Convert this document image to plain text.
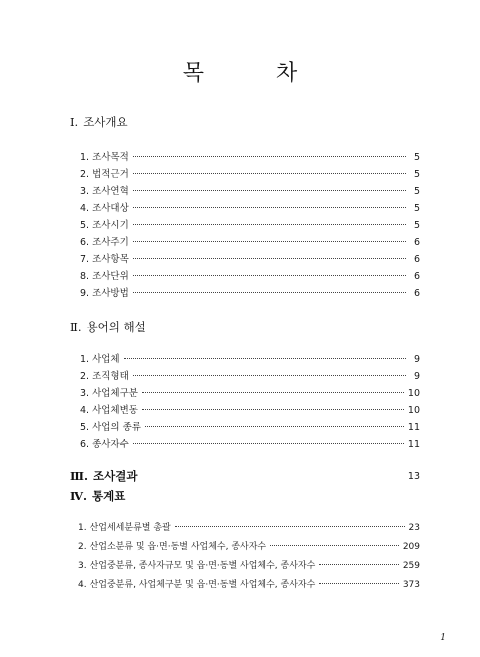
목	차
Ⅰ. 조사개요
1. 조사목적	5
2. 법적근거	5
3. 조사연혁	5
4. 조사대상	5
5. 조사시기	5
6. 조사주기	6
7. 조사항목	6
8. 조사단위	6
9. 조사방법	6
Ⅱ. 용어의 해설
1. 사업체	9
2. 조직형태	9
3. 사업체구분	10
4. 사업체변동	10
5. 사업의 종류	11
6. 종사자수	11
Ⅲ. 조사결과	13
Ⅳ. 통계표
1. 산업세세분류별 총괄	23
2. 산업소분류 및 읍·면·동별 사업체수, 종사자수	209
3. 산업중분류, 종사자규모 및 읍·면·동별 사업체수, 종사자수	259
4. 산업중분류, 사업체구분 및 읍·면·동별 사업체수, 종사자수	373
1
